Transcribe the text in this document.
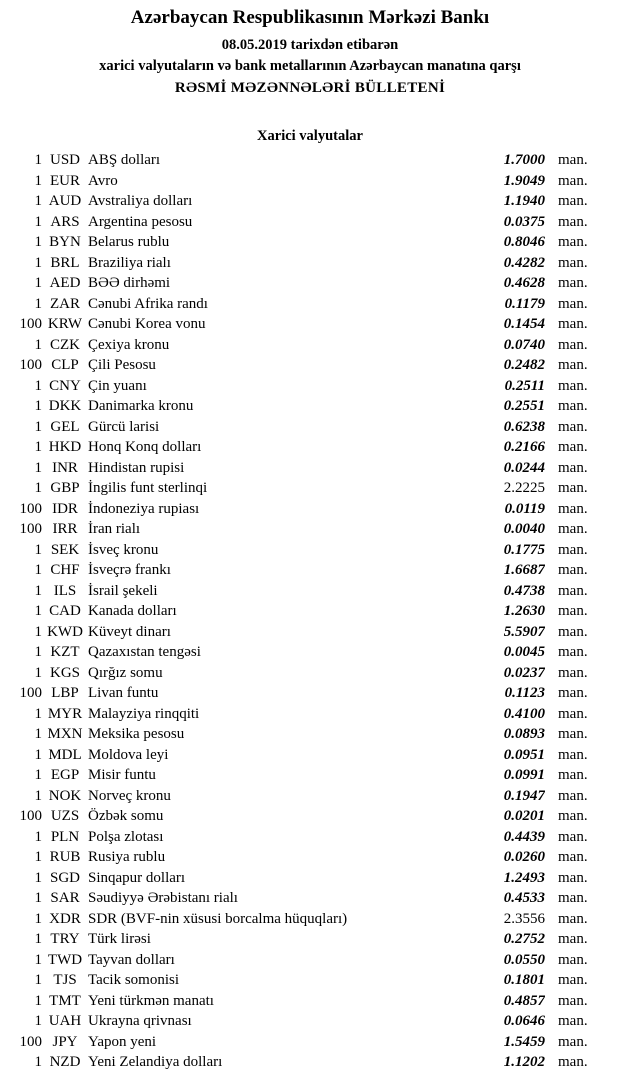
Azərbaycan Respublikasının Mərkəzi Bankı
08.05.2019 tarixdən etibarən
xarici valyutaların və bank metallarının Azərbaycan manatına qarşı
RƏSMİ MƏZƏNNƏLƏRİ BÜLLETENİ
Xarici valyutalar
1 USD ABŞ dolları	1.7000 man.
1 EUR Avro	1.9049 man.
1 AUD Avstraliya dolları	1.1940 man.
1 ARS Argentina pesosu	0.0375 man.
1 BYN Belarus rublu	0.8046 man.
1 BRL Braziliya rialı	0.4282 man.
1 AED BƏƏ dirhəmi	0.4628 man.
1 ZAR Cənubi Afrika randı	0.1179 man.
100 KRW Cənubi Korea vonu	0.1454 man.
1 CZK Çexiya kronu	0.0740 man.
100 CLP Çili Pesosu	0.2482 man.
1 CNY Çin yuanı	0.2511 man.
1 DKK Danimarka kronu	0.2551 man.
1 GEL Gürcü larisi	0.6238 man.
1 HKD Honq Konq dolları	0.2166 man.
1 INR Hindistan rupisi	0.0244 man.
1 GBP İngilis funt sterlinqi	2.2225 man.
100 IDR İndoneziya rupiası	0.0119 man.
100 IRR İran rialı	0.0040 man.
1 SEK İsveç kronu	0.1775 man.
1 CHF İsveçrə frankı	1.6687 man.
1 ILS İsrail şekeli	0.4738 man.
1 CAD Kanada dolları	1.2630 man.
1 KWD Küveyt dinarı	5.5907 man.
1 KZT Qazaxıstan tengəsi	0.0045 man.
1 KGS Qırğız somu	0.0237 man.
100 LBP Livan funtu	0.1123 man.
1 MYR Malayziya rinqqiti	0.4100 man.
1 MXN Meksika pesosu	0.0893 man.
1 MDL Moldova leyi	0.0951 man.
1 EGP Misir funtu	0.0991 man.
1 NOK Norveç kronu	0.1947 man.
100 UZS Özbək somu	0.0201 man.
1 PLN Polşa zlotası	0.4439 man.
1 RUB Rusiya rublu	0.0260 man.
1 SGD Sinqapur dolları	1.2493 man.
1 SAR Səudiyyə Ərəbistanı rialı	0.4533 man.
1 XDR SDR (BVF-nin xüsusi borcalma hüquqları)	2.3556 man.
1 TRY Türk lirəsi	0.2752 man.
1 TWD Tayvan dolları	0.0550 man.
1 TJS Tacik somonisi	0.1801 man.
1 TMT Yeni türkmən manatı	0.4857 man.
1 UAH Ukrayna qrivnası	0.0646 man.
100 JPY Yapon yeni	1.5459 man.
1 NZD Yeni Zelandiya dolları	1.1202 man.
